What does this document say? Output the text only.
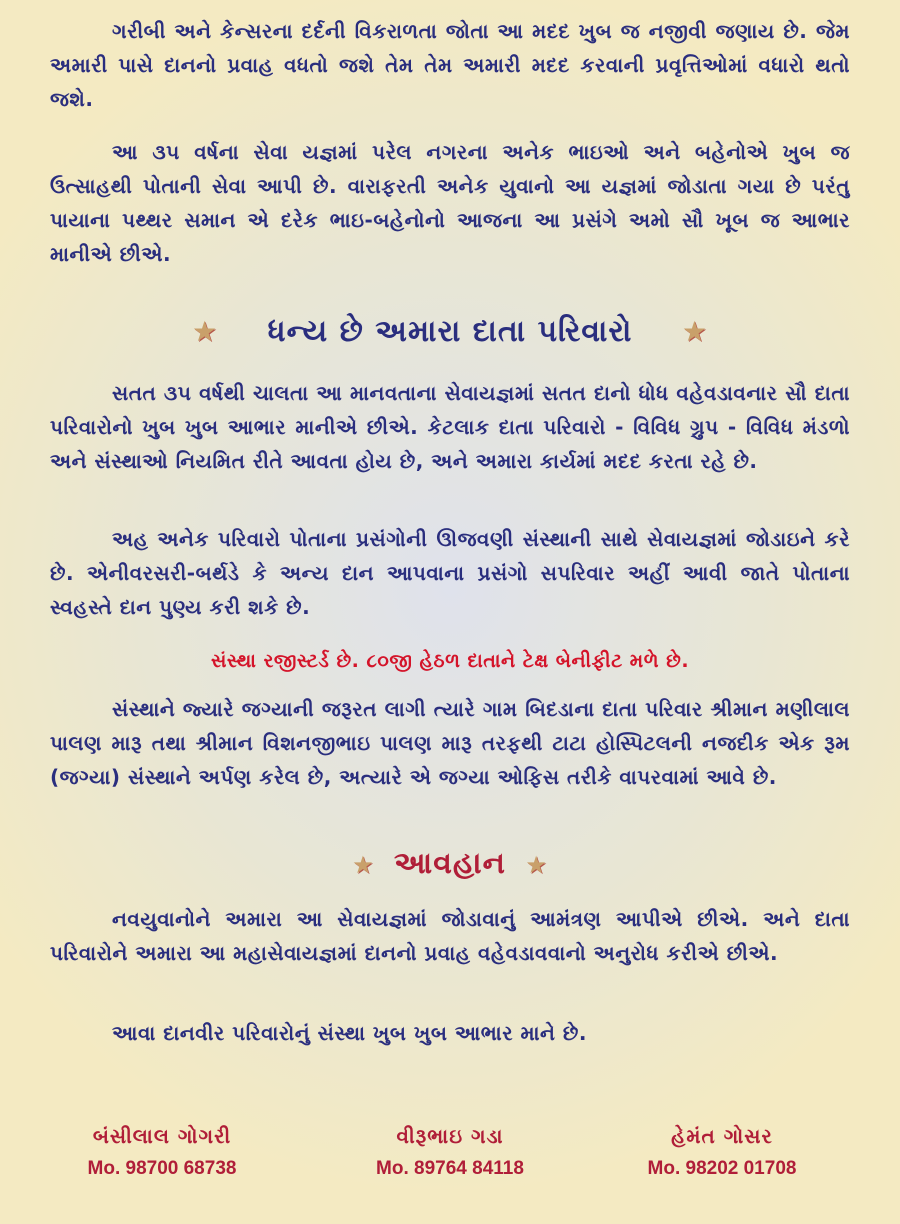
ગરીબી અને કેન્સરના દર્દની વિકરાળતા જોતા આ મદદ ખુબ જ નજીવી જણાય છે. જેમ અમારી પાસે દાનનો પ્રવાહ વધતો જશે તેમ તેમ અમારી મદદ કરવાની પ્રવૃત્તિઓમાં વધારો થતો જશે.

આ ૩૫ વર્ષના સેવા યજ્ઞમાં પરેલ નગરના અનેક ભાઇઓ અને બહેનોએ ખુબ જ ઉત્સાહથી પોતાની સેવા આપી છે. વારાફરતી અનેક યુવાનો આ યજ્ઞમાં જોડાતા ગયા છે પરંતુ પાયાના પથ્થર સમાન એ દરેક ભાઇ-બહેનોનો આજના આ પ્રસંગે અમો સૌ ખૂબ જ આભાર માનીએ છીએ.

★ ધન્ય છે અમારા દાતા પરિવારો ★

સતત ૩૫ વર્ષથી ચાલતા આ માનવતાના સેવાયજ્ઞમાં સતત દાનો ધોધ વહેવડાવનાર સૌ દાતા પરિવારોનો ખુબ ખુબ આભાર માનીએ છીએ. કેટલાક દાતા પરિવારો - વિવિધ ગ્રુપ - વિવિધ મંડળો અને સંસ્થાઓ નિયમિત રીતે આવતા હોય છે, અને અમારા કાર્યમાં મદદ કરતા રહે છે.

અહ અનેક પરિવારો પોતાના પ્રસંગોની ઊજવણી સંસ્થાની સાથે સેવાયજ્ઞમાં જોડાઇને કરે છે. એનીવરસરી-બર્થડે કે અન્ય દાન આપવાના પ્રસંગો સપરિવાર અહીં આવી જાતે પોતાના સ્વહસ્તે દાન પુણ્ય કરી શકે છે.

સંસ્થા રજીસ્ટર્ડ છે. ૮૦જી હેઠળ દાતાને ટેક્ષ બેનીફીટ મળે છે.

સંસ્થાને જ્યારે જગ્યાની જરૂરત લાગી ત્યારે ગામ બિદડાના દાતા પરિવાર શ્રીમાન મણીલાલ પાલણ મારૂ તથા શ્રીમાન વિશનજીભાઇ પાલણ મારૂ તરફથી ટાટા હોસ્પિટલની નજદીક એક રૂમ (જગ્યા) સંસ્થાને અર્પણ કરેલ છે, અત્યારે એ જગ્યા ઓફિસ તરીકે વાપરવામાં આવે છે.

★ આવહાન ★

નવયુવાનોને અમારા આ સેવાયજ્ઞમાં જોડાવાનું આમંત્રણ આપીએ છીએ. અને દાતા પરિવારોને અમારા આ મહાસેવાયજ્ઞમાં દાનનો પ્રવાહ વહેવડાવવાનો અનુરોધ કરીએ છીએ.

આવા દાનવીર પરિવારોનું સંસ્થા ખુબ ખુબ આભાર માને છે.

બંસીલાલ ગોગરી
Mo. 98700 68738
વીરૂભાઇ ગડા
Mo. 89764 84118
હેમંત ગોસર
Mo. 98202 01708
